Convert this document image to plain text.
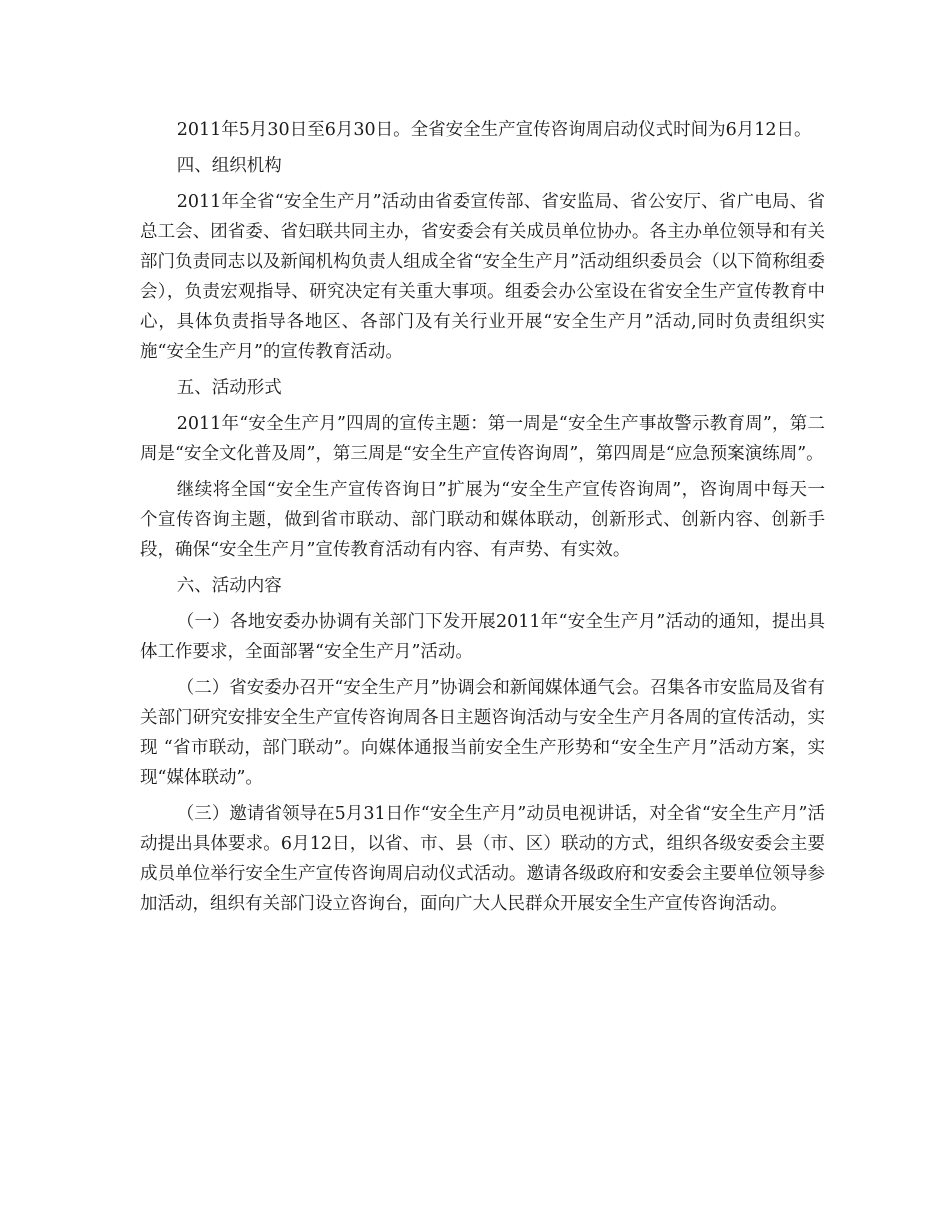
2011年5月30日至6月30日。全省安全生产宣传咨询周启动仪式时间为6月12日。

四、组织机构

2011年全省“安全生产月”活动由省委宣传部、省安监局、省公安厅、省广电局、省总工会、团省委、省妇联共同主办，省安委会有关成员单位协办。各主办单位领导和有关部门负责同志以及新闻机构负责人组成全省“安全生产月”活动组织委员会（以下简称组委会），负责宏观指导、研究决定有关重大事项。组委会办公室设在省安全生产宣传教育中心，具体负责指导各地区、各部门及有关行业开展“安全生产月”活动,同时负责组织实施“安全生产月”的宣传教育活动。

五、活动形式

2011年“安全生产月”四周的宣传主题：第一周是“安全生产事故警示教育周”，第二周是“安全文化普及周”，第三周是“安全生产宣传咨询周”，第四周是“应急预案演练周”。

继续将全国“安全生产宣传咨询日”扩展为“安全生产宣传咨询周”，咨询周中每天一个宣传咨询主题，做到省市联动、部门联动和媒体联动，创新形式、创新内容、创新手段，确保“安全生产月”宣传教育活动有内容、有声势、有实效。

六、活动内容

（一）各地安委办协调有关部门下发开展2011年“安全生产月”活动的通知，提出具体工作要求，全面部署“安全生产月”活动。

（二）省安委办召开“安全生产月”协调会和新闻媒体通气会。召集各市安监局及省有关部门研究安排安全生产宣传咨询周各日主题咨询活动与安全生产月各周的宣传活动，实现 “省市联动，部门联动”。向媒体通报当前安全生产形势和“安全生产月”活动方案，实现“媒体联动”。

（三）邀请省领导在5月31日作“安全生产月”动员电视讲话，对全省“安全生产月”活动提出具体要求。6月12日，以省、市、县（市、区）联动的方式，组织各级安委会主要成员单位举行安全生产宣传咨询周启动仪式活动。邀请各级政府和安委会主要单位领导参加活动，组织有关部门设立咨询台，面向广大人民群众开展安全生产宣传咨询活动。
